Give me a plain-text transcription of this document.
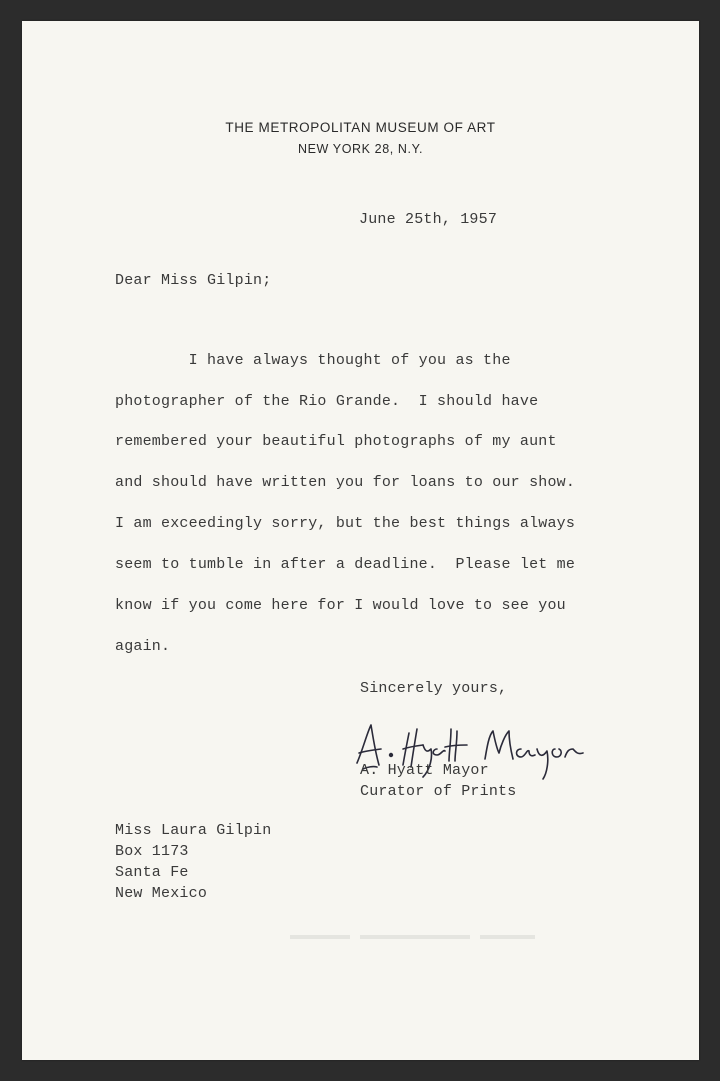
THE METROPOLITAN MUSEUM OF ART
NEW YORK 28, N.Y.
June 25th, 1957
Dear Miss Gilpin;
I have always thought of you as the
photographer of the Rio Grande.  I should have
remembered your beautiful photographs of my aunt
and should have written you for loans to our show.
I am exceedingly sorry, but the best things always
seem to tumble in after a deadline.  Please let me
know if you come here for I would love to see you
again.
Sincerely yours,
A. Hyatt Mayor
Curator of Prints
Miss Laura Gilpin
Box 1173
Santa Fe
New Mexico
